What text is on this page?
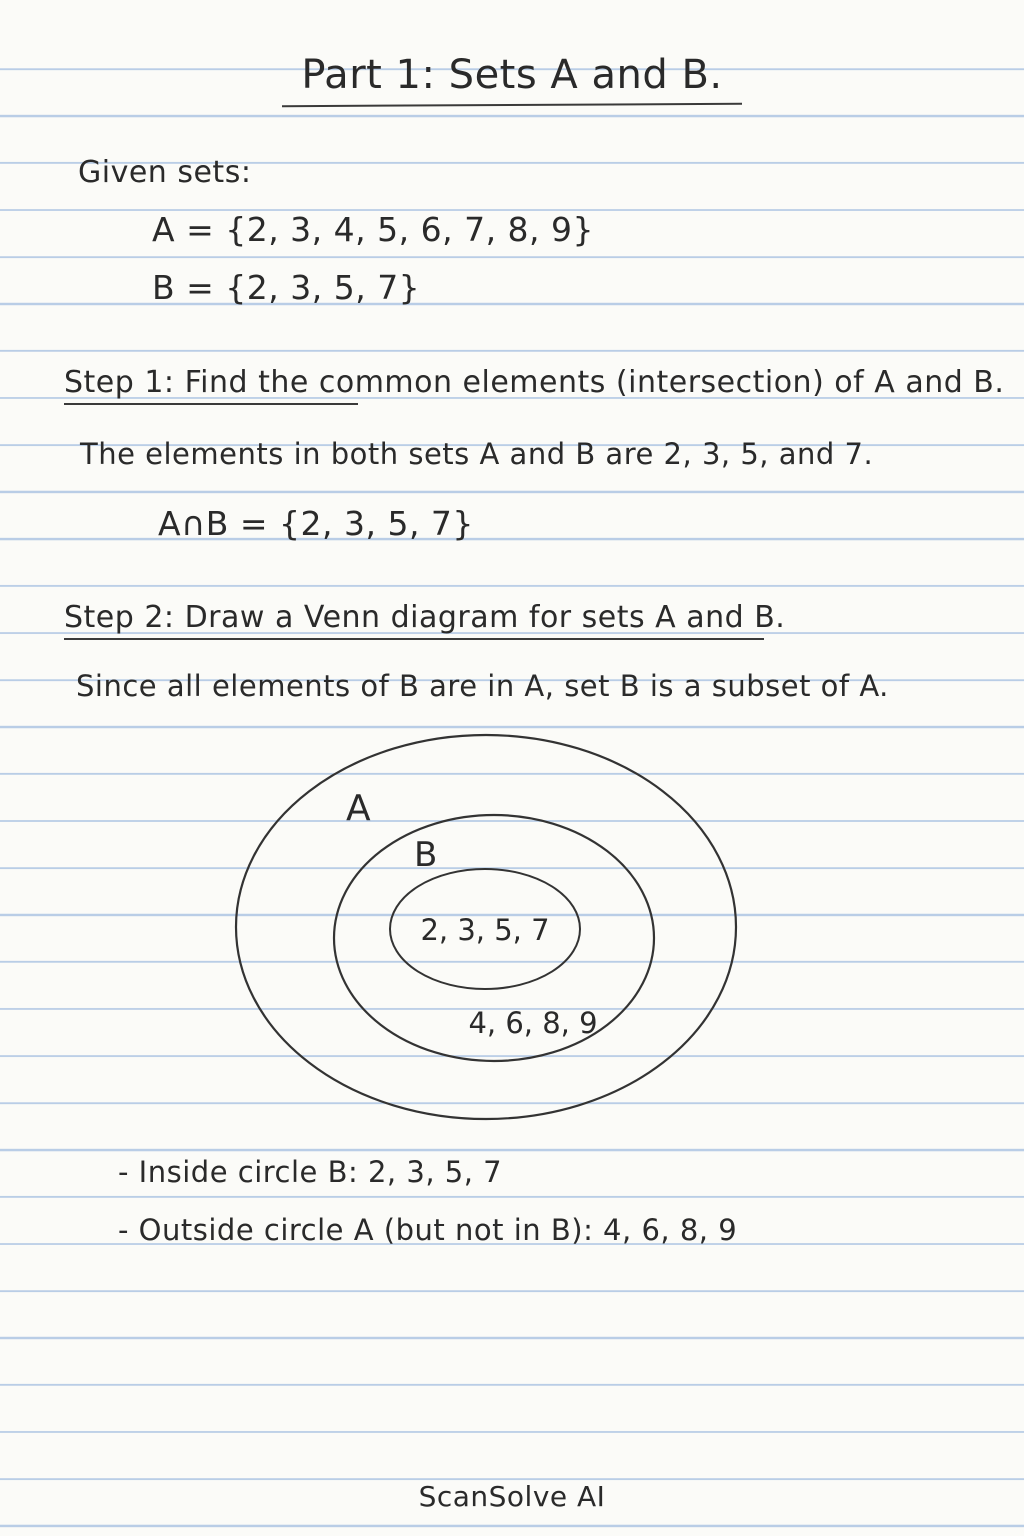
Part 1: Sets A and B.
Given sets:
A = {2, 3, 4, 5, 6, 7, 8, 9}
B = {2, 3, 5, 7}
Step 1: Find the common elements (intersection) of A and B.
The elements in both sets A and B are 2, 3, 5, and 7.
A∩B = {2, 3, 5, 7}
Step 2: Draw a Venn diagram for sets A and B.
Since all elements of B are in A, set B is a subset of A.
A
B
2, 3, 5, 7
4, 6, 8, 9
- Inside circle B: 2, 3, 5, 7
- Outside circle A (but not in B): 4, 6, 8, 9
ScanSolve AI
